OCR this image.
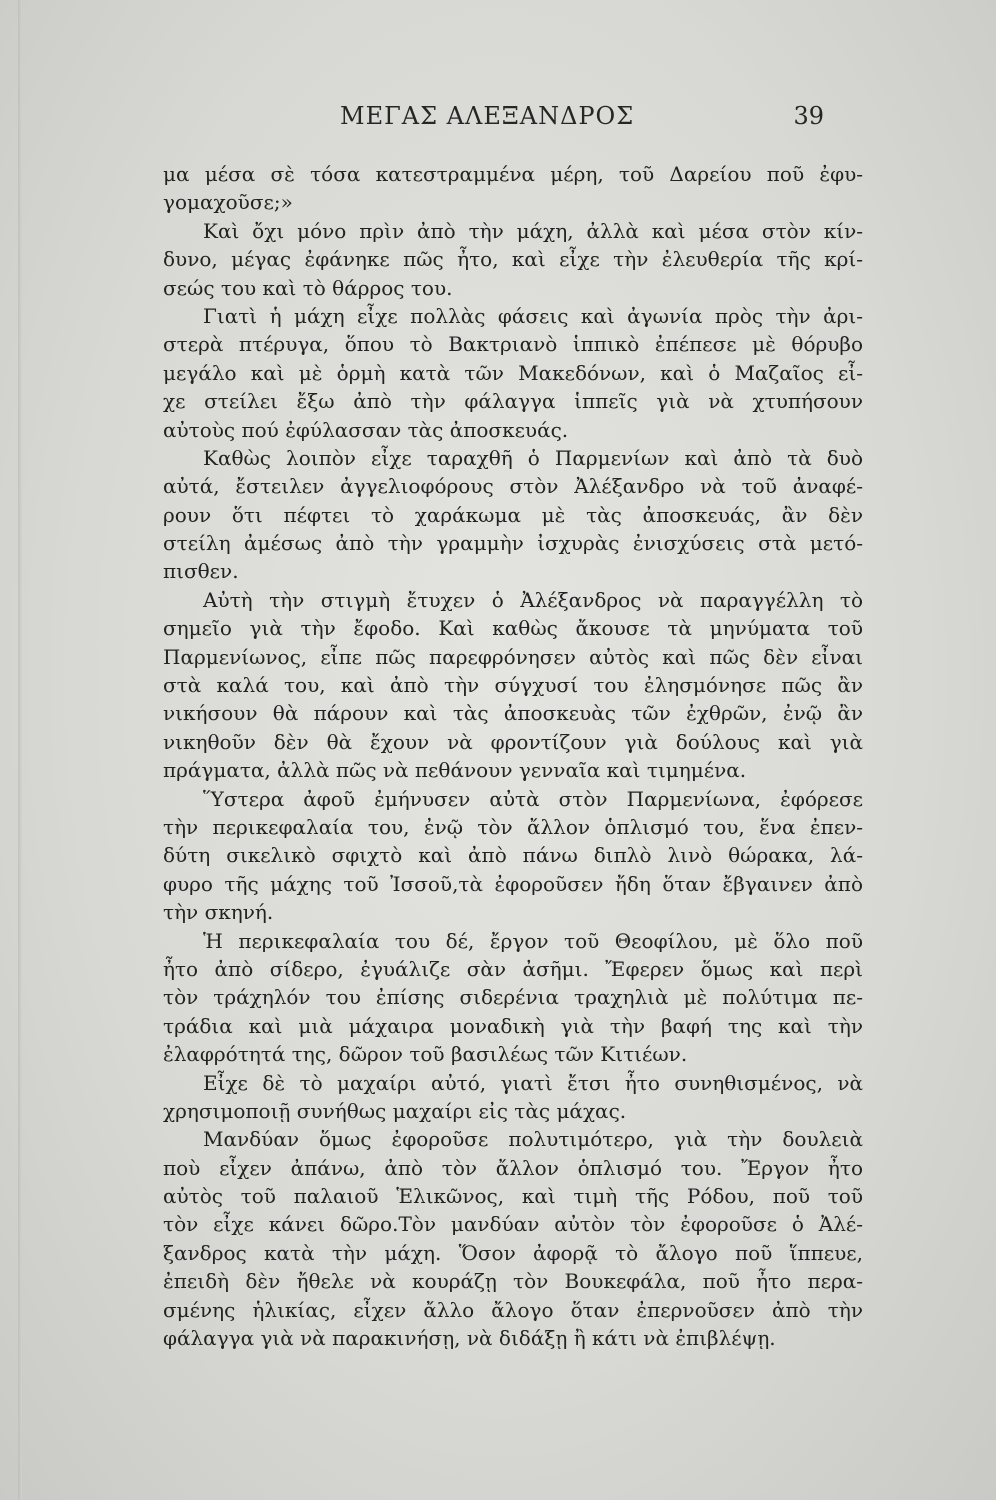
ΜΕΓΑΣ ΑΛΕΞΑΝΔΡΟΣ	39
μα μέσα σὲ τόσα κατεστραμμένα μέρη, τοῦ Δαρείου ποῦ ἐφυ-
γομαχοῦσε;»
Καὶ ὄχι μόνο πρὶν ἀπὸ τὴν μάχη, ἀλλὰ καὶ μέσα στὸν κίν-
δυνο, μέγας ἐφάνηκε πῶς ἦτο, καὶ εἶχε τὴν ἐλευθερία τῆς κρί-
σεώς του καὶ τὸ θάρρος του.
Γιατὶ ἡ μάχη εἶχε πολλὰς φάσεις καὶ ἀγωνία πρὸς τὴν ἀρι-
στερὰ πτέρυγα, ὅπου τὸ Βακτριανὸ ἱππικὸ ἐπέπεσε μὲ θόρυβο
μεγάλο καὶ μὲ ὁρμὴ κατὰ τῶν Μακεδόνων, καὶ ὁ Μαζαῖος εἶ-
χε στείλει ἔξω ἀπὸ τὴν φάλαγγα ἱππεῖς γιὰ νὰ χτυπήσουν
αὐτοὺς πού ἐφύλασσαν τὰς ἀποσκευάς.
Καθὼς λοιπὸν εἶχε ταραχθῆ ὁ Παρμενίων καὶ ἀπὸ τὰ δυὸ
αὐτά, ἔστειλεν ἀγγελιοφόρους στὸν Ἀλέξανδρο νὰ τοῦ ἀναφέ-
ρουν ὅτι πέφτει τὸ χαράκωμα μὲ τὰς ἀποσκευάς, ἂν δὲν
στείλη ἀμέσως ἀπὸ τὴν γραμμὴν ἰσχυρὰς ἐνισχύσεις στὰ μετό-
πισθεν.
Αὐτὴ τὴν στιγμὴ ἔτυχεν ὁ Ἀλέξανδρος νὰ παραγγέλλη τὸ
σημεῖο γιὰ τὴν ἔφοδο. Καὶ καθὼς ἄκουσε τὰ μηνύματα τοῦ
Παρμενίωνος, εἶπε πῶς παρεφρόνησεν αὐτὸς καὶ πῶς δὲν εἶναι
στὰ καλά του, καὶ ἀπὸ τὴν σύγχυσί του ἐλησμόνησε πῶς ἂν
νικήσουν θὰ πάρουν καὶ τὰς ἀποσκευὰς τῶν ἐχθρῶν, ἐνῷ ἂν
νικηθοῦν δὲν θὰ ἔχουν νὰ φροντίζουν γιὰ δούλους καὶ γιὰ
πράγματα, ἀλλὰ πῶς νὰ πεθάνουν γενναῖα καὶ τιμημένα.
Ὕστερα ἀφοῦ ἐμήνυσεν αὐτὰ στὸν Παρμενίωνα, ἐφόρεσε
τὴν περικεφαλαία του, ἐνῷ τὸν ἄλλον ὁπλισμό του, ἕνα ἐπεν-
δύτη σικελικὸ σφιχτὸ καὶ ἀπὸ πάνω διπλὸ λινὸ θώρακα, λά-
φυρο τῆς μάχης τοῦ Ἰσσοῦ,τὰ ἐφοροῦσεν ἤδη ὅταν ἔβγαινεν ἀπὸ
τὴν σκηνή.
Ἡ περικεφαλαία του δέ, ἔργον τοῦ Θεοφίλου, μὲ ὅλο ποῦ
ἦτο ἀπὸ σίδερο, ἐγυάλιζε σὰν ἀσῆμι. Ἔφερεν ὅμως καὶ περὶ
τὸν τράχηλόν του ἐπίσης σιδερένια τραχηλιὰ μὲ πολύτιμα πε-
τράδια καὶ μιὰ μάχαιρα μοναδικὴ γιὰ τὴν βαφή της καὶ τὴν
ἐλαφρότητά της, δῶρον τοῦ βασιλέως τῶν Κιτιέων.
Εἶχε δὲ τὸ μαχαίρι αὐτό, γιατὶ ἔτσι ἦτο συνηθισμένος, νὰ
χρησιμοποιῇ συνήθως μαχαίρι εἰς τὰς μάχας.
Μανδύαν ὅμως ἐφοροῦσε πολυτιμότερο, γιὰ τὴν δουλειὰ
ποὺ εἶχεν ἀπάνω, ἀπὸ τὸν ἄλλον ὁπλισμό του. Ἔργον ἦτο
αὐτὸς τοῦ παλαιοῦ Ἑλικῶνος, καὶ τιμὴ τῆς Ρόδου, ποῦ τοῦ
τὸν εἶχε κάνει δῶρο.Τὸν μανδύαν αὐτὸν τὸν ἐφοροῦσε ὁ Ἀλέ-
ξανδρος κατὰ τὴν μάχη. Ὅσον ἀφορᾷ τὸ ἄλογο ποῦ ἵππευε,
ἐπειδὴ δὲν ἤθελε νὰ κουράζῃ τὸν Βουκεφάλα, ποῦ ἦτο περα-
σμένης ἡλικίας, εἶχεν ἄλλο ἄλογο ὅταν ἐπερνοῦσεν ἀπὸ τὴν
φάλαγγα γιὰ νὰ παρακινήσῃ, νὰ διδάξῃ ἢ κάτι νὰ ἐπιβλέψῃ.
